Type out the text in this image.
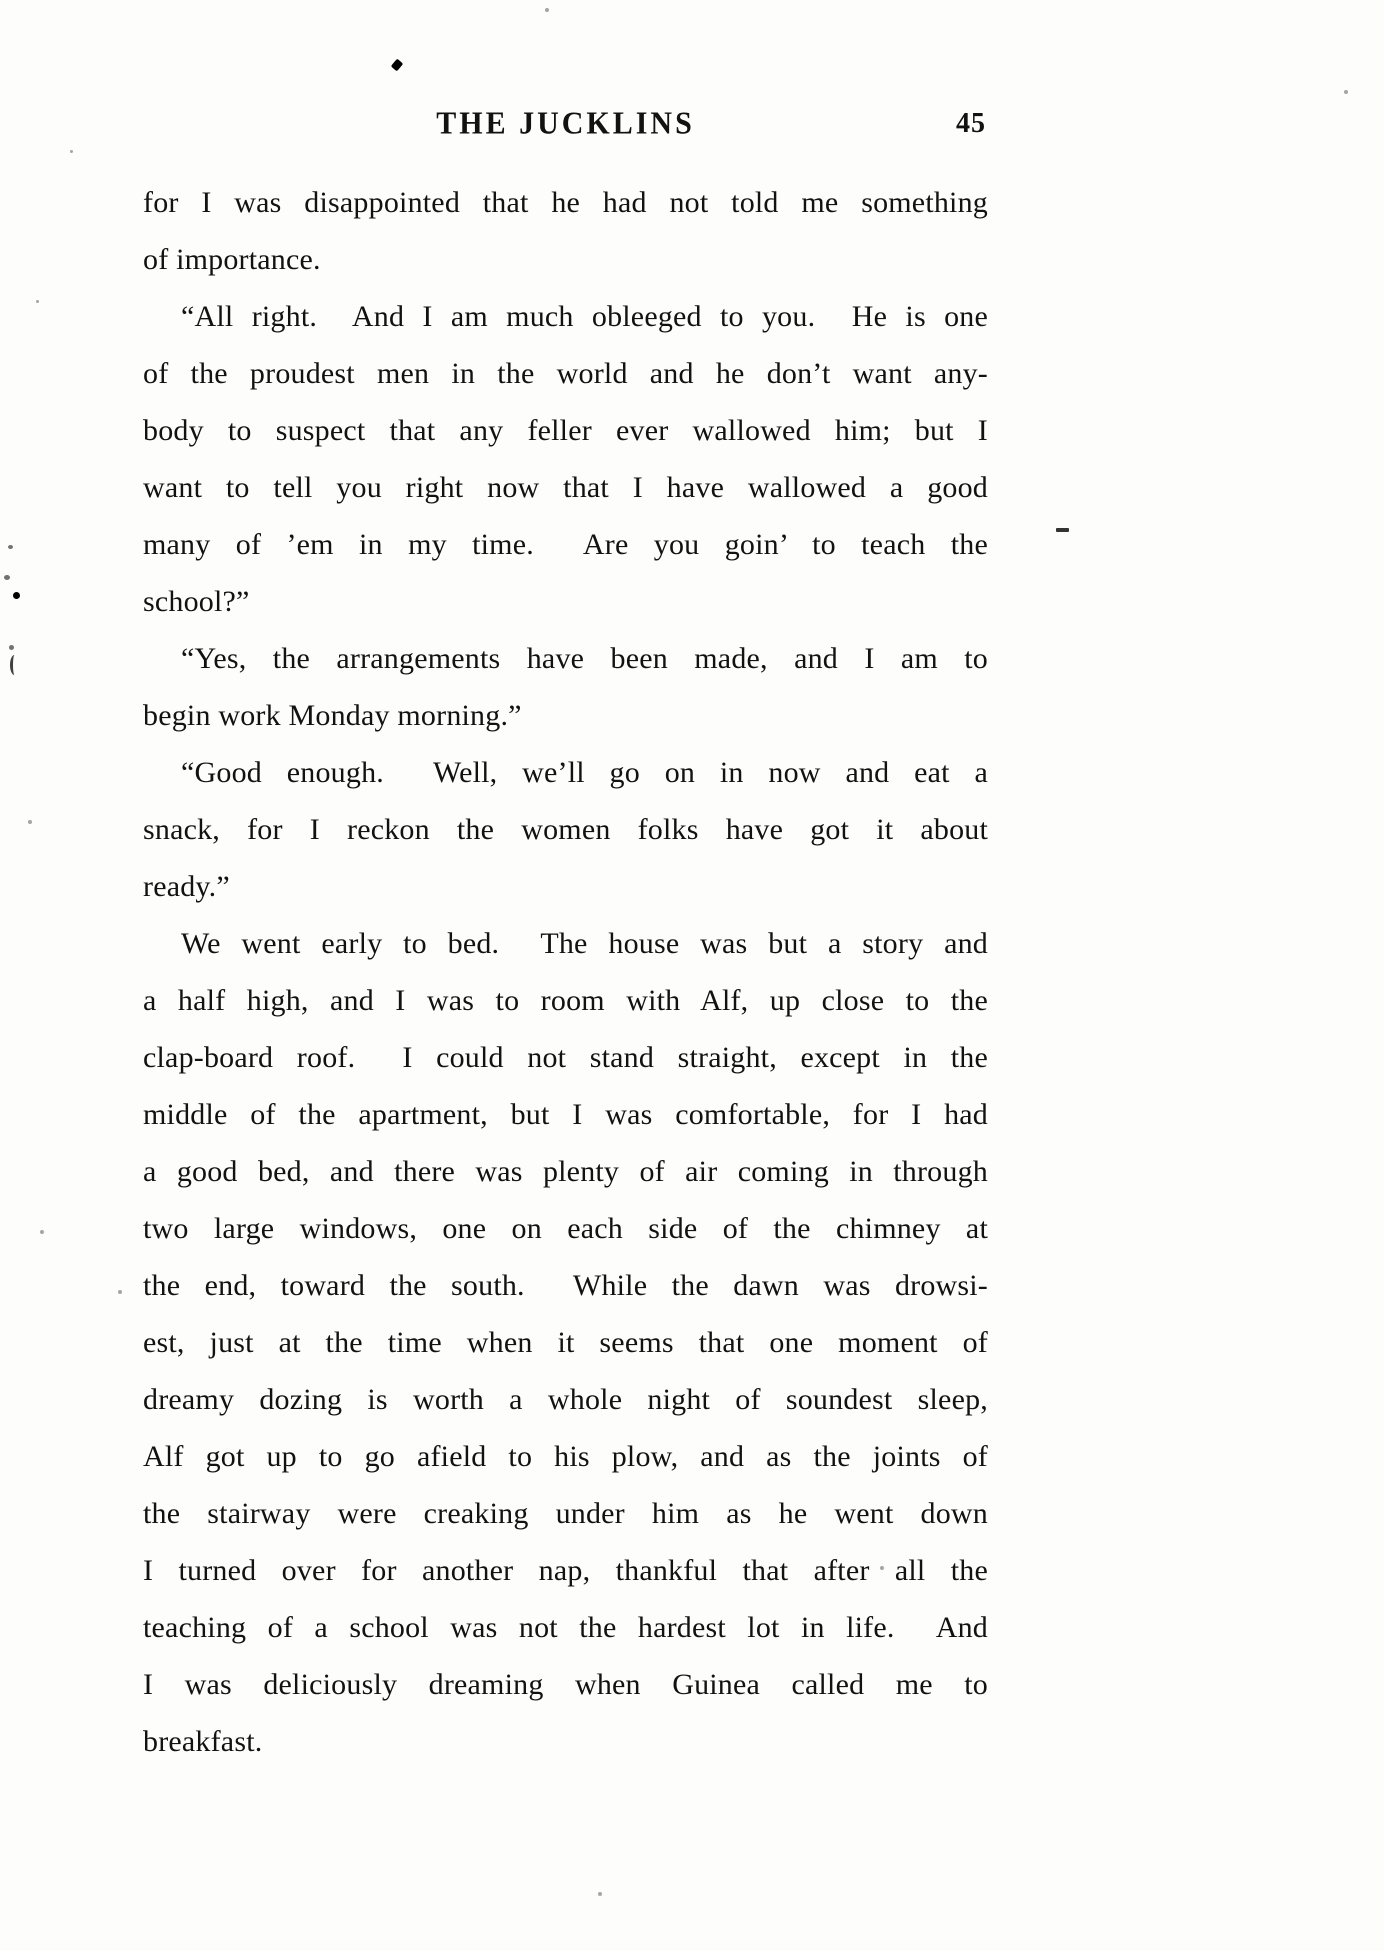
THE JUCKLINS	45
for I was disappointed that he had not told me something
of importance.
“All right.  And I am much obleeged to you.  He is one
of the proudest men in the world and he don’t want any-
body to suspect that any feller ever wallowed him; but I
want to tell you right now that I have wallowed a good
many of ’em in my time.  Are you goin’ to teach the
school?”
“Yes, the arrangements have been made, and I am to
begin work Monday morning.”
“Good enough.  Well, we’ll go on in now and eat a
snack, for I reckon the women folks have got it about
ready.”
We went early to bed.  The house was but a story and
a half high, and I was to room with Alf, up close to the
clap-board roof.  I could not stand straight, except in the
middle of the apartment, but I was comfortable, for I had
a good bed, and there was plenty of air coming in through
two large windows, one on each side of the chimney at
the end, toward the south.  While the dawn was drowsi-
est, just at the time when it seems that one moment of
dreamy dozing is worth a whole night of soundest sleep,
Alf got up to go afield to his plow, and as the joints of
the stairway were creaking under him as he went down
I turned over for another nap, thankful that after all the
teaching of a school was not the hardest lot in life.  And
I was deliciously dreaming when Guinea called me to
breakfast.
